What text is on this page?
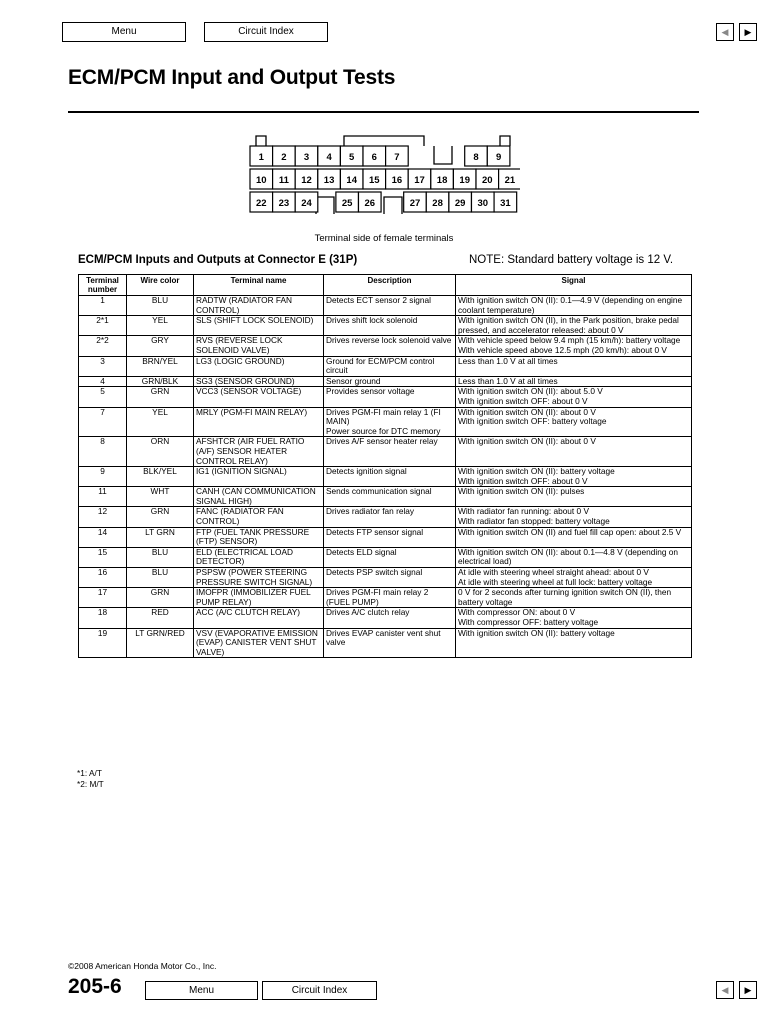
Menu	Circuit Index	◀	▶
ECM/PCM Input and Output Tests
1 2 3 4 5 6 7	8 9
10 11 12 13 14 15 16 17 18 19 20 21
22 23 24	25 26	27 28 29 30 31
Terminal side of female terminals
ECM/PCM Inputs and Outputs at Connector E (31P)	NOTE: Standard battery voltage is 12 V.
Terminal number	Wire color	Terminal name	Description	Signal
1	BLU	RADTW (RADIATOR FAN CONTROL)	Detects ECT sensor 2 signal	With ignition switch ON (II): 0.1—4.9 V (depending on engine coolant temperature)
2*1	YEL	SLS (SHIFT LOCK SOLENOID)	Drives shift lock solenoid	With ignition switch ON (II), in the Park position, brake pedal pressed, and accelerator released: about 0 V
2*2	GRY	RVS (REVERSE LOCK SOLENOID VALVE)	Drives reverse lock solenoid valve	With vehicle speed below 9.4 mph (15 km/h): battery voltage
With vehicle speed above 12.5 mph (20 km/h): about 0 V
3	BRN/YEL	LG3 (LOGIC GROUND)	Ground for ECM/PCM control circuit	Less than 1.0 V at all times
4	GRN/BLK	SG3 (SENSOR GROUND)	Sensor ground	Less than 1.0 V at all times
5	GRN	VCC3 (SENSOR VOLTAGE)	Provides sensor voltage	With ignition switch ON (II): about 5.0 V
With ignition switch OFF: about 0 V
7	YEL	MRLY (PGM-FI MAIN RELAY)	Drives PGM-FI main relay 1 (FI MAIN)
Power source for DTC memory	With ignition switch ON (II): about 0 V
With ignition switch OFF: battery voltage
8	ORN	AFSHTCR (AIR FUEL RATIO (A/F) SENSOR HEATER CONTROL RELAY)	Drives A/F sensor heater relay	With ignition switch ON (II): about 0 V
9	BLK/YEL	IG1 (IGNITION SIGNAL)	Detects ignition signal	With ignition switch ON (II): battery voltage
With ignition switch OFF: about 0 V
11	WHT	CANH (CAN COMMUNICATION SIGNAL HIGH)	Sends communication signal	With ignition switch ON (II): pulses
12	GRN	FANC (RADIATOR FAN CONTROL)	Drives radiator fan relay	With radiator fan running: about 0 V
With radiator fan stopped: battery voltage
14	LT GRN	FTP (FUEL TANK PRESSURE (FTP) SENSOR)	Detects FTP sensor signal	With ignition switch ON (II) and fuel fill cap open: about 2.5 V
15	BLU	ELD (ELECTRICAL LOAD DETECTOR)	Detects ELD signal	With ignition switch ON (II): about 0.1—4.8 V (depending on electrical load)
16	BLU	PSPSW (POWER STEERING PRESSURE SWITCH SIGNAL)	Detects PSP switch signal	At idle with steering wheel straight ahead: about 0 V
At idle with steering wheel at full lock: battery voltage
17	GRN	IMOFPR (IMMOBILIZER FUEL PUMP RELAY)	Drives PGM-FI main relay 2 (FUEL PUMP)	0 V for 2 seconds after turning ignition switch ON (II), then battery voltage
18	RED	ACC (A/C CLUTCH RELAY)	Drives A/C clutch relay	With compressor ON: about 0 V
With compressor OFF: battery voltage
19	LT GRN/RED	VSV (EVAPORATIVE EMISSION (EVAP) CANISTER VENT SHUT VALVE)	Drives EVAP canister vent shut valve	With ignition switch ON (II): battery voltage
*1: A/T
*2: M/T
©2008 American Honda Motor Co., Inc.
205-6	Menu	Circuit Index	◀	▶
